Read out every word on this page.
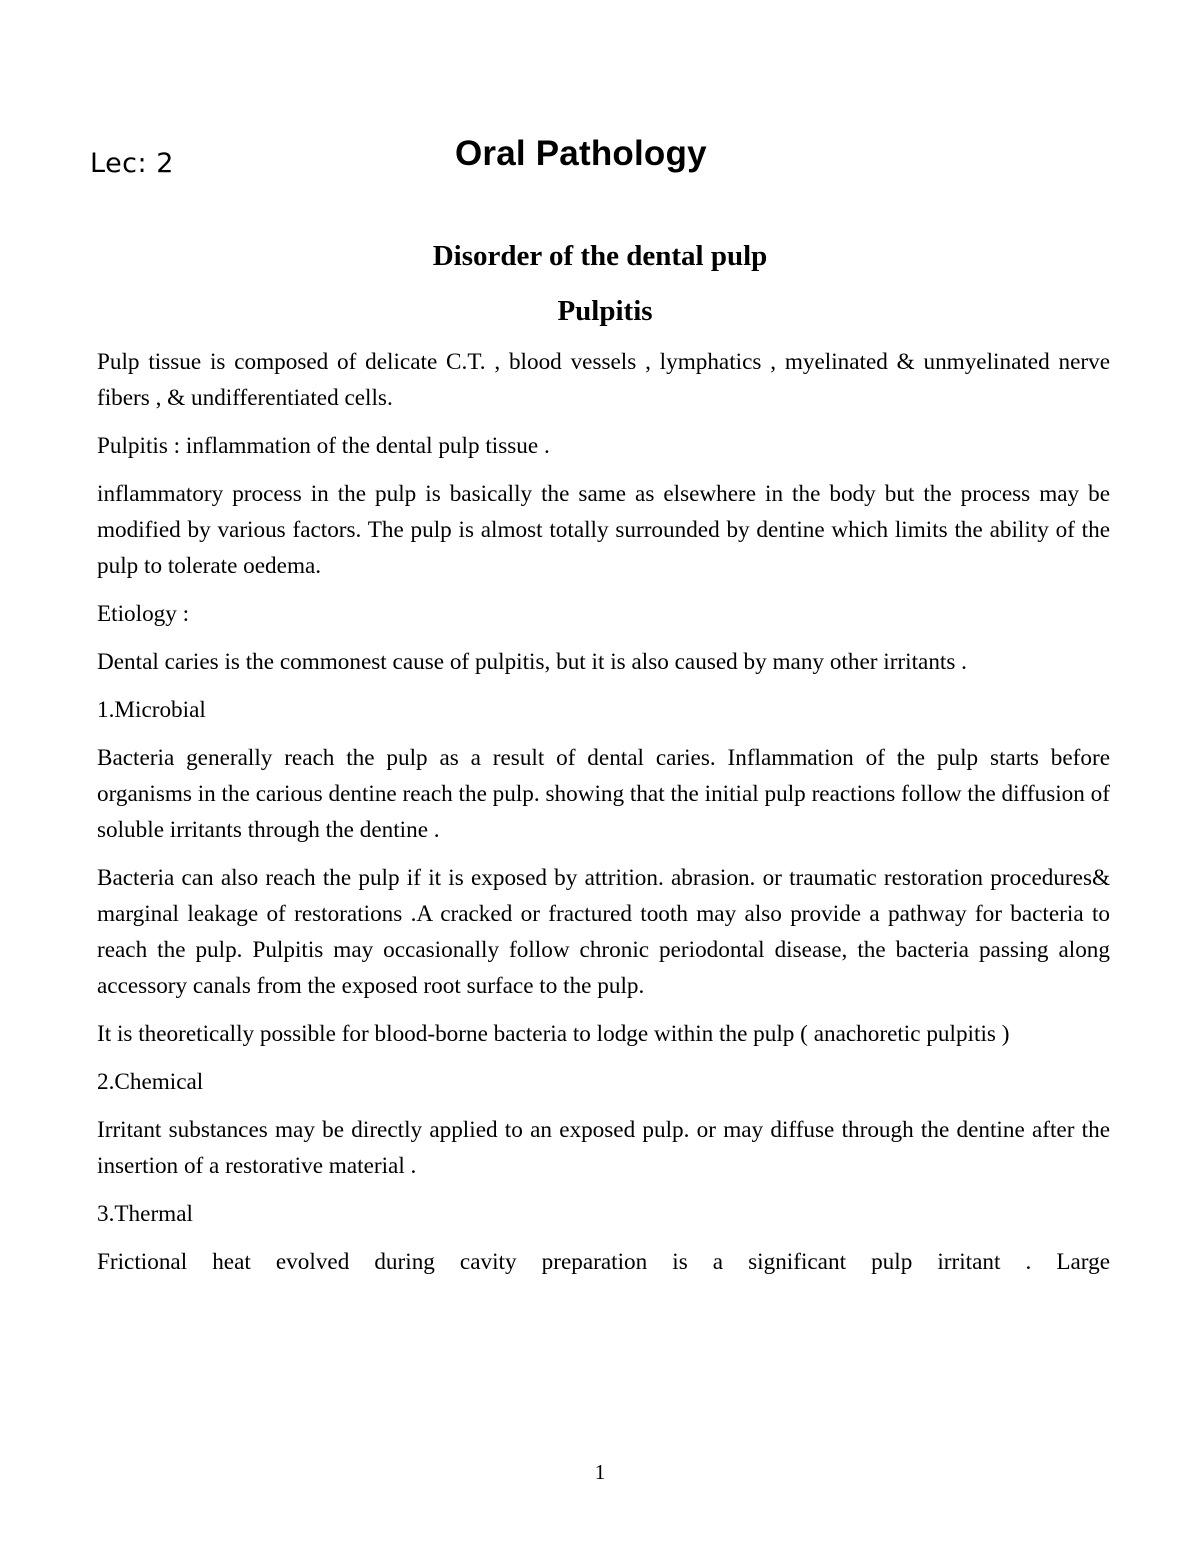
Lec: 2	Oral Pathology
Disorder of the dental pulp
Pulpitis

Pulp tissue is composed of delicate C.T. , blood vessels , lymphatics , myelinated & unmyelinated nerve fibers , & undifferentiated cells.

Pulpitis : inflammation of the dental pulp tissue .

inflammatory process in the pulp is basically the same as elsewhere in the body but the process may be modified by various factors. The pulp is almost totally surrounded by dentine which limits the ability of the pulp to tolerate oedema.

Etiology :

Dental caries is the commonest cause of pulpitis, but it is also caused by many other irritants .

1.Microbial

Bacteria generally reach the pulp as a result of dental caries. Inflammation of the pulp starts before organisms in the carious dentine reach the pulp. showing that the initial pulp reactions follow the diffusion of soluble irritants through the dentine .

Bacteria can also reach the pulp if it is exposed by attrition. abrasion. or traumatic restoration procedures& marginal leakage of restorations .A cracked or fractured tooth may also provide a pathway for bacteria to reach the pulp. Pulpitis may occasionally follow chronic periodontal disease, the bacteria passing along accessory canals from the exposed root surface to the pulp.

It is theoretically possible for blood-borne bacteria to lodge within the pulp ( anachoretic pulpitis )

2.Chemical

Irritant substances may be directly applied to an exposed pulp. or may diffuse through the dentine after the insertion of a restorative material .

3.Thermal

Frictional heat evolved during cavity preparation is a significant pulp irritant . Large

1
